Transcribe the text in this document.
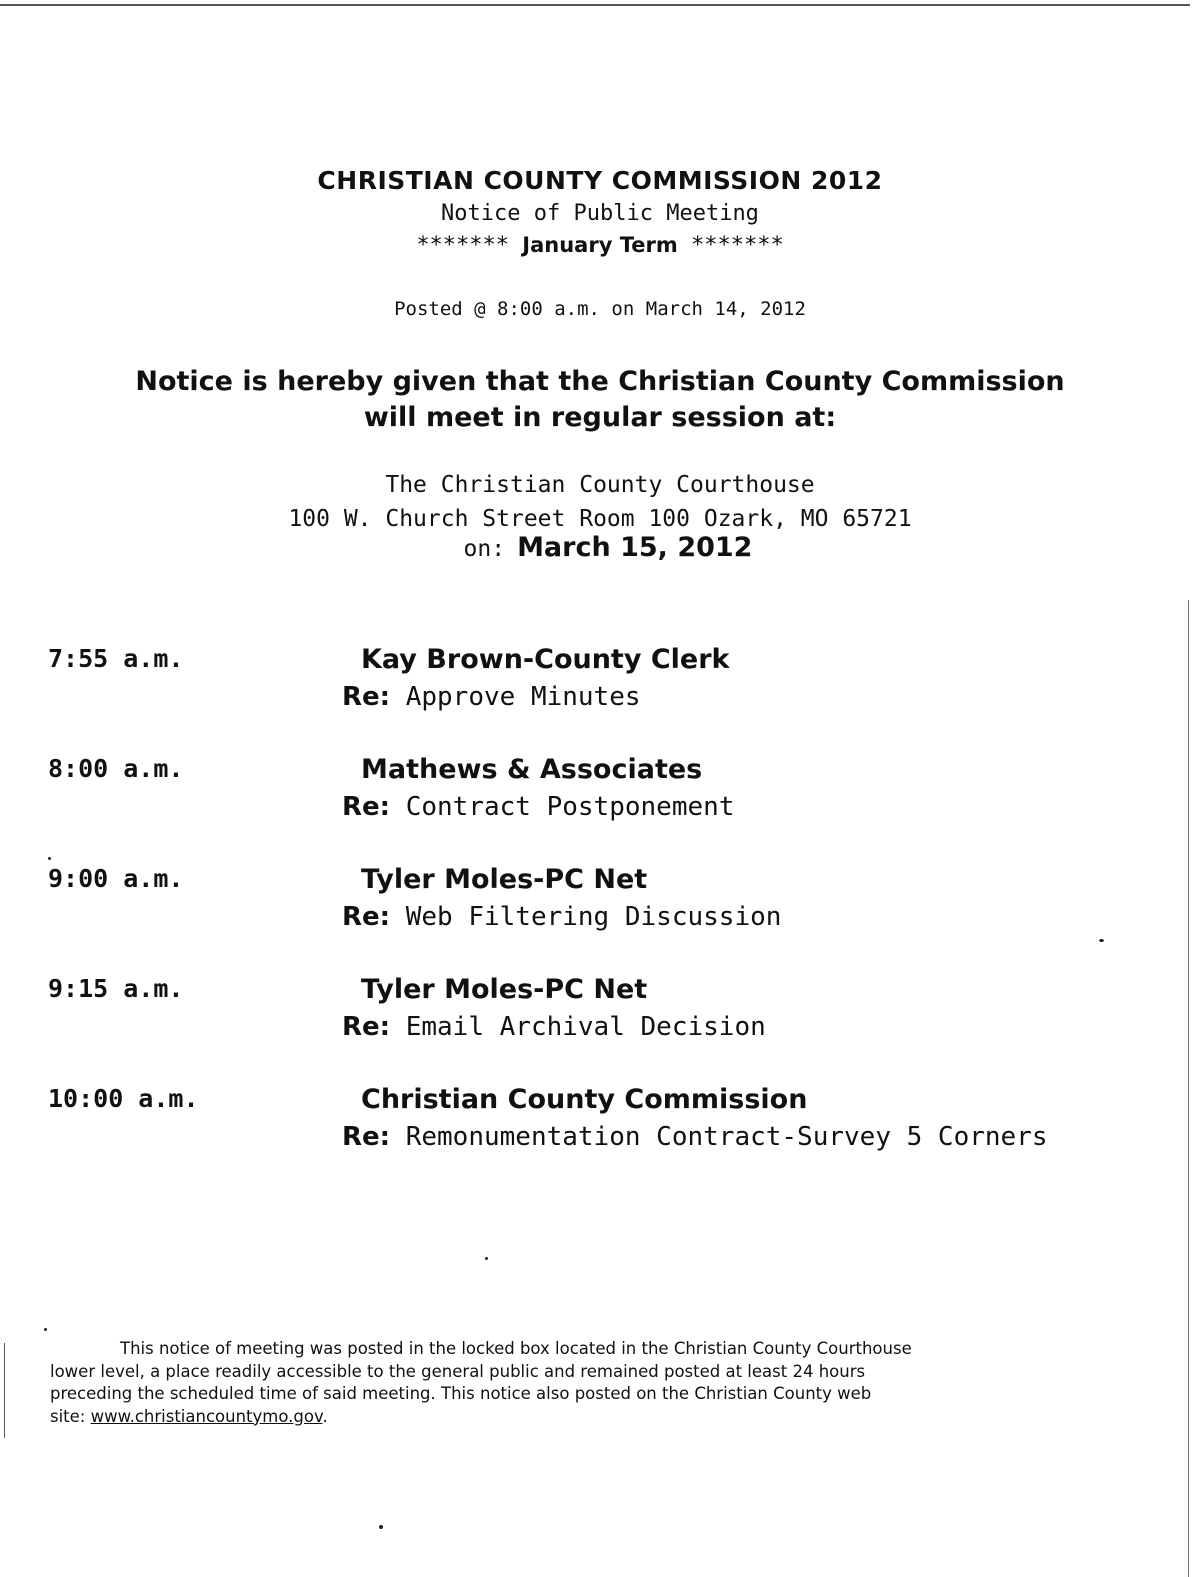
CHRISTIAN COUNTY COMMISSION 2012
Notice of Public Meeting
******* January Term *******
Posted @ 8:00 a.m. on March 14, 2012
Notice is hereby given that the Christian County Commission
will meet in regular session at:
The Christian County Courthouse
100 W. Church Street Room 100 Ozark, MO 65721
on: March 15, 2012
7:55 a.m.	Kay Brown-County Clerk
Re: Approve Minutes
8:00 a.m.	Mathews & Associates
Re: Contract Postponement
9:00 a.m.	Tyler Moles-PC Net
Re: Web Filtering Discussion
9:15 a.m.	Tyler Moles-PC Net
Re: Email Archival Decision
10:00 a.m.	Christian County Commission
Re: Remonumentation Contract-Survey 5 Corners
This notice of meeting was posted in the locked box located in the Christian County Courthouse
lower level, a place readily accessible to the general public and remained posted at least 24 hours
preceding the scheduled time of said meeting. This notice also posted on the Christian County web
site: www.christiancountymo.gov.
